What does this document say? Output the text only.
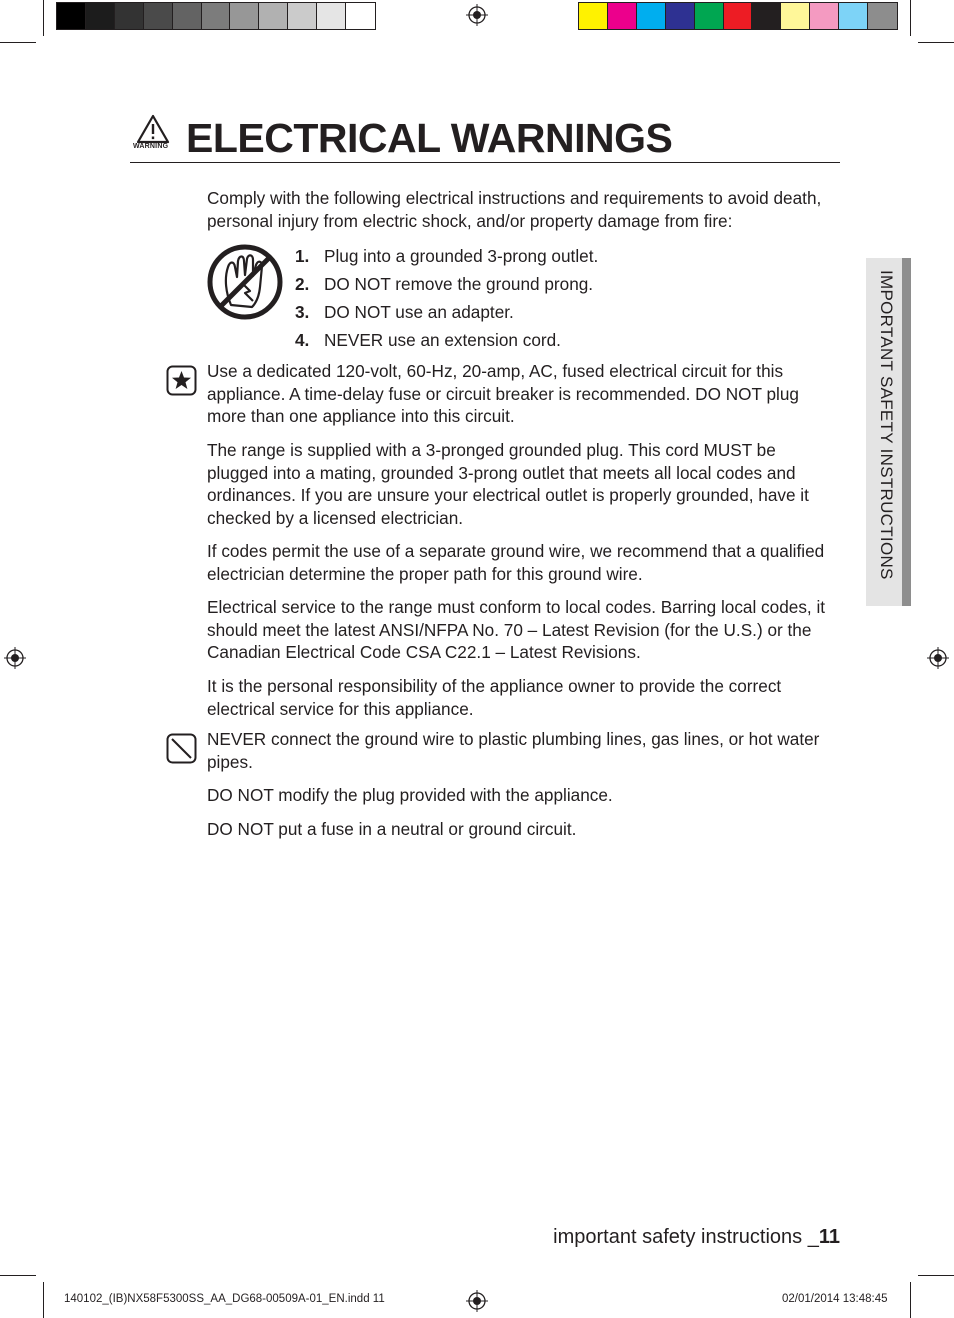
WARNING ELECTRICAL WARNINGS

Comply with the following electrical instructions and requirements to avoid death, personal injury from electric shock, and/or property damage from fire:

1. Plug into a grounded 3-prong outlet.
2. DO NOT remove the ground prong.
3. DO NOT use an adapter.
4. NEVER use an extension cord.

Use a dedicated 120-volt, 60-Hz, 20-amp, AC, fused electrical circuit for this appliance. A time-delay fuse or circuit breaker is recommended. DO NOT plug more than one appliance into this circuit.

The range is supplied with a 3-pronged grounded plug. This cord MUST be plugged into a mating, grounded 3-prong outlet that meets all local codes and ordinances. If you are unsure your electrical outlet is properly grounded, have it checked by a licensed electrician.

If codes permit the use of a separate ground wire, we recommend that a qualified electrician determine the proper path for this ground wire.

Electrical service to the range must conform to local codes. Barring local codes, it should meet the latest ANSI/NFPA No. 70 – Latest Revision (for the U.S.) or the Canadian Electrical Code CSA C22.1 – Latest Revisions.

It is the personal responsibility of the appliance owner to provide the correct electrical service for this appliance.

NEVER connect the ground wire to plastic plumbing lines, gas lines, or hot water pipes.

DO NOT modify the plug provided with the appliance.

DO NOT put a fuse in a neutral or ground circuit.

IMPORTANT SAFETY INSTRUCTIONS
important safety instructions _11
140102_(IB)NX58F5300SS_AA_DG68-00509A-01_EN.indd 11	02/01/2014 13:48:45
